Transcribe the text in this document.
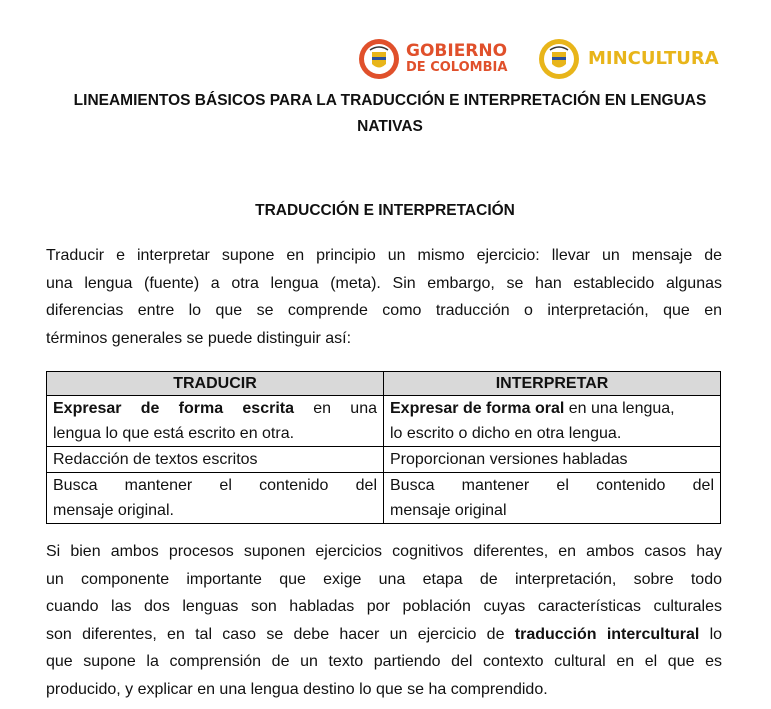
GOBIERNO
DE COLOMBIA	MINCULTURA
LINEAMIENTOS BÁSICOS PARA LA TRADUCCIÓN E INTERPRETACIÓN EN LENGUAS
NATIVAS
TRADUCCIÓN E INTERPRETACIÓN
Traducir e interpretar supone en principio un mismo ejercicio: llevar un mensaje de
una lengua (fuente) a otra lengua (meta). Sin embargo, se han establecido algunas
diferencias entre lo que se comprende como traducción o interpretación, que en
términos generales se puede distinguir así:
TRADUCIR	INTERPRETAR

Expresar de forma escrita en una
lengua lo que está escrito en otra.	Expresar de forma oral en una lengua,
lo escrito o dicho en otra lengua.

Redacción de textos escritos	Proporcionan versiones habladas

Busca mantener el contenido del
mensaje original.	Busca mantener el contenido del
mensaje original
Si bien ambos procesos suponen ejercicios cognitivos diferentes, en ambos casos hay
un componente importante que exige una etapa de interpretación, sobre todo
cuando las dos lenguas son habladas por población cuyas características culturales
son diferentes, en tal caso se debe hacer un ejercicio de traducción intercultural lo
que supone la comprensión de un texto partiendo del contexto cultural en el que es
producido, y explicar en una lengua destino lo que se ha comprendido.
